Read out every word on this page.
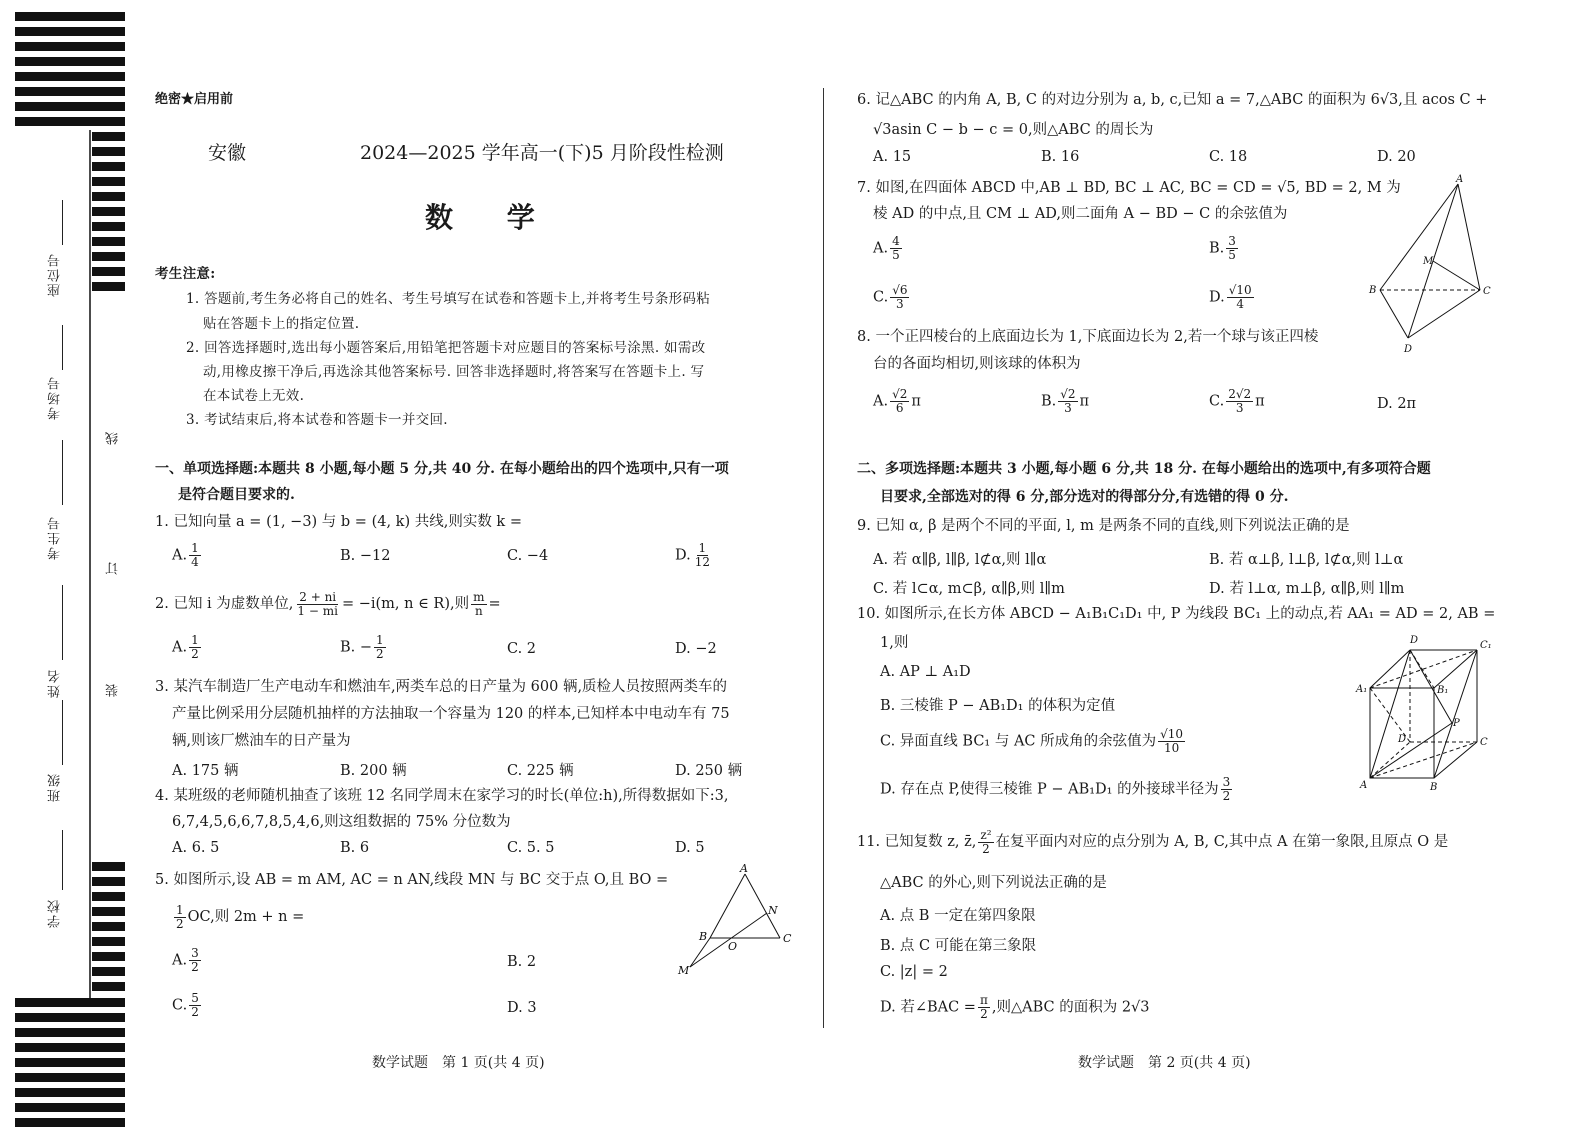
座位号
考场号
考生号
姓名
班级
学校
线
订
装
绝密★启用前
安徽	2024—2025 学年高一(下)5 月阶段性检测
数 学
考生注意:
1. 答题前,考生务必将自己的姓名、考生号填写在试卷和答题卡上,并将考生号条形码粘
贴在答题卡上的指定位置.
2. 回答选择题时,选出每小题答案后,用铅笔把答题卡对应题目的答案标号涂黑. 如需改
动,用橡皮擦干净后,再选涂其他答案标号. 回答非选择题时,将答案写在答题卡上. 写
在本试卷上无效.
3. 考试结束后,将本试卷和答题卡一并交回.
一、单项选择题:本题共 8 小题,每小题 5 分,共 40 分. 在每小题给出的四个选项中,只有一项
是符合题目要求的.
1. 已知向量 a = (1, −3) 与 b = (4, k) 共线,则实数 k =
A. $\frac{1}{4}$	B. −12	C. −4	D. $\frac{1}{12}$
2. 已知 i 为虚数单位, $\frac{2 + ni}{1 - mi} = -i(m$, n ∈ R),则 $\frac{m}{n}$ =
A. $\frac{1}{2}$	B. − $\frac{1}{2}$	C. 2	D. −2
3. 某汽车制造厂生产电动车和燃油车,两类车总的日产量为 600 辆,质检人员按照两类车的
产量比例采用分层随机抽样的方法抽取一个容量为 120 的样本,已知样本中电动车有 75
辆,则该厂燃油车的日产量为
A. 175 辆	B. 200 辆	C. 225 辆	D. 250 辆
4. 某班级的老师随机抽查了该班 12 名同学周末在家学习的时长(单位:h),所得数据如下:3,
6,7,4,5,6,6,7,8,5,4,6,则这组数据的 75% 分位数为
A. 6. 5	B. 6	C. 5. 5	D. 5
5. 如图所示,设 AB = m AM, AC = n AN,线段 MN 与 BC 交于点 O,且 BO =
$\frac{1}{2}$ OC,则 2m + n =
A. $\frac{3}{2}$	B. 2
C. $\frac{5}{2}$	D. 3
A
N
B
O
C
M
数学试题　第 1 页(共 4 页)
6. 记△ABC 的内角 A, B, C 的对边分别为 a, b, c,已知 a = 7,△ABC 的面积为 6√3,且 acos C +
√3asin C − b − c = 0,则△ABC 的周长为
A. 15	B. 16	C. 18	D. 20
7. 如图,在四面体 ABCD 中,AB ⊥ BD, BC ⊥ AC, BC = CD = √5, BD = 2, M 为
棱 AD 的中点,且 CM ⊥ AD,则二面角 A − BD − C 的余弦值为
A. $\frac{4}{5}$	B. $\frac{3}{5}$
C. $\frac{√6}{3}$	D. $\frac{√10}{4}$
A
M
B	C
D
8. 一个正四棱台的上底面边长为 1,下底面边长为 2,若一个球与该正四棱
台的各面均相切,则该球的体积为
A. $\frac{√2}{6}$ π	B. $\frac{√2}{3}$ π	C. $\frac{2√2}{3}$ π	D. 2π
二、多项选择题:本题共 3 小题,每小题 6 分,共 18 分. 在每小题给出的选项中,有多项符合题
目要求,全部选对的得 6 分,部分选对的得部分分,有选错的得 0 分.
9. 已知 α, β 是两个不同的平面, l, m 是两条不同的直线,则下列说法正确的是
A. 若 α∥β, l∥β, l⊄α,则 l∥α	B. 若 α⊥β, l⊥β, l⊄α,则 l⊥α
C. 若 l⊂α, m⊂β, α∥β,则 l∥m	D. 若 l⊥α, m⊥β, α∥β,则 l∥m
10. 如图所示,在长方体 ABCD − A₁B₁C₁D₁ 中, P 为线段 BC₁ 上的动点,若 AA₁ = AD = 2, AB =
1,则
A. AP ⊥ A₁D
B. 三棱锥 P − AB₁D₁ 的体积为定值
C. 异面直线 BC₁ 与 AC 所成角的余弦值为 $\frac{√10}{10}$
D. 存在点 P,使得三棱锥 P − AB₁D₁ 的外接球半径为 $\frac{3}{2}$
D	C₁
A₁	B₁
P
D	C
A	B
11. 已知复数 z, z̄, $\frac{\text{z²}}{2}$ 在复平面内对应的点分别为 A, B, C,其中点 A 在第一象限,且原点 O 是
△ABC 的外心,则下列说法正确的是
A. 点 B 一定在第四象限
B. 点 C 可能在第三象限
C. |z| = 2
D. 若∠BAC = $\frac{\pi}{2}$ ,则△ABC 的面积为 2√3
数学试题　第 2 页(共 4 页)
